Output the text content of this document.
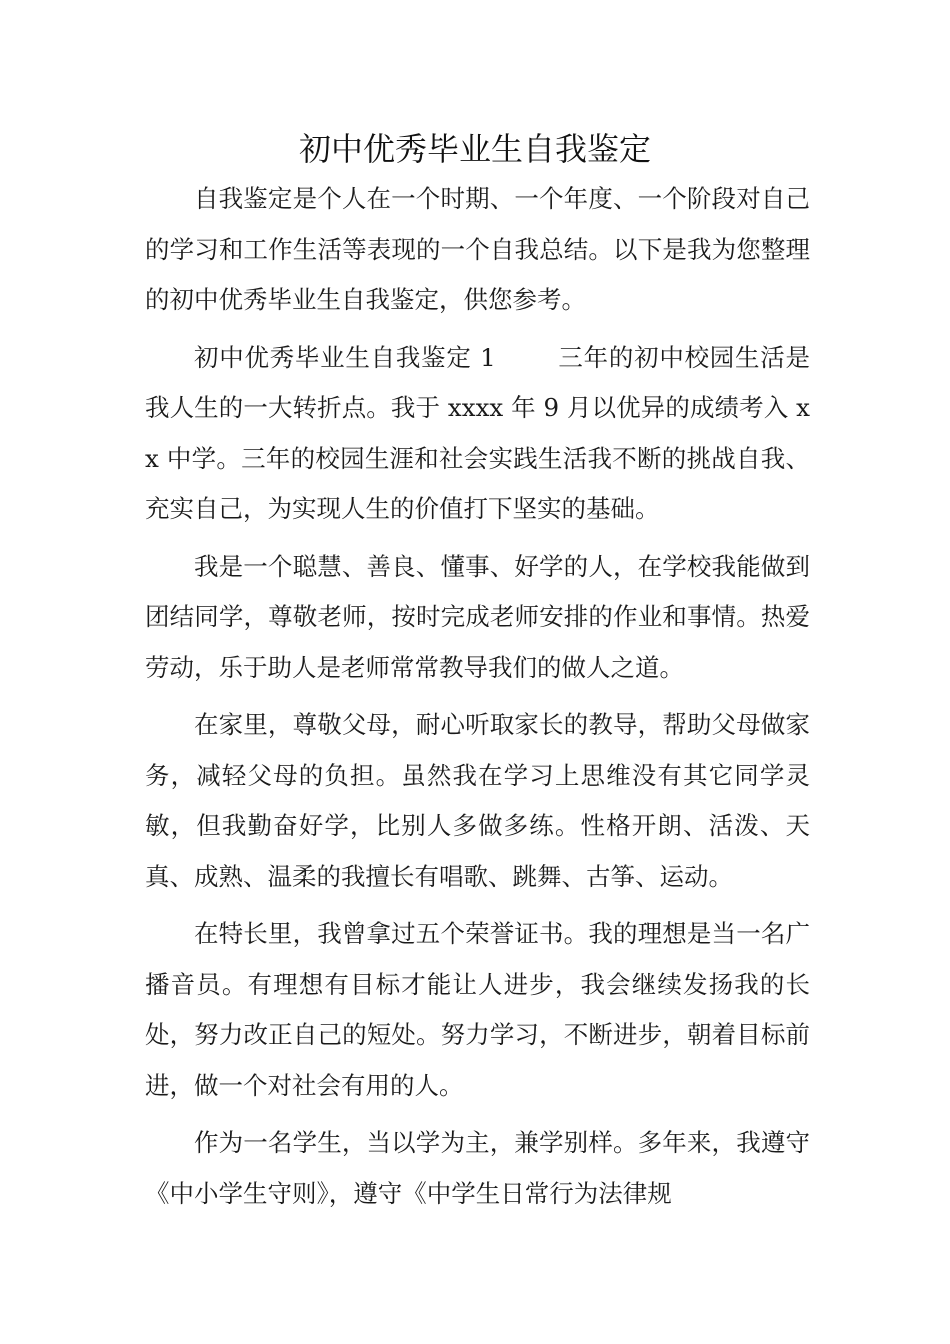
初中优秀毕业生自我鉴定

自我鉴定是个人在一个时期、一个年度、一个阶段对自己的学习和工作生活等表现的一个自我总结。以下是我为您整理的初中优秀毕业生自我鉴定，供您参考。

初中优秀毕业生自我鉴定 1	三年的初中校园生活是我人生的一大转折点。我于 xxxx 年 9 月以优异的成绩考入 xx 中学。三年的校园生涯和社会实践生活我不断的挑战自我、充实自己，为实现人生的价值打下坚实的基础。

我是一个聪慧、善良、懂事、好学的人，在学校我能做到团结同学，尊敬老师，按时完成老师安排的作业和事情。热爱劳动，乐于助人是老师常常教导我们的做人之道。

在家里，尊敬父母，耐心听取家长的教导，帮助父母做家务，减轻父母的负担。虽然我在学习上思维没有其它同学灵敏，但我勤奋好学，比别人多做多练。性格开朗、活泼、天真、成熟、温柔的我擅长有唱歌、跳舞、古筝、运动。

在特长里，我曾拿过五个荣誉证书。我的理想是当一名广播音员。有理想有目标才能让人进步，我会继续发扬我的长处，努力改正自己的短处。努力学习，不断进步，朝着目标前进，做一个对社会有用的人。

作为一名学生，当以学为主，兼学别样。多年来，我遵守《中小学生守则》，遵守《中学生日常行为法律规
